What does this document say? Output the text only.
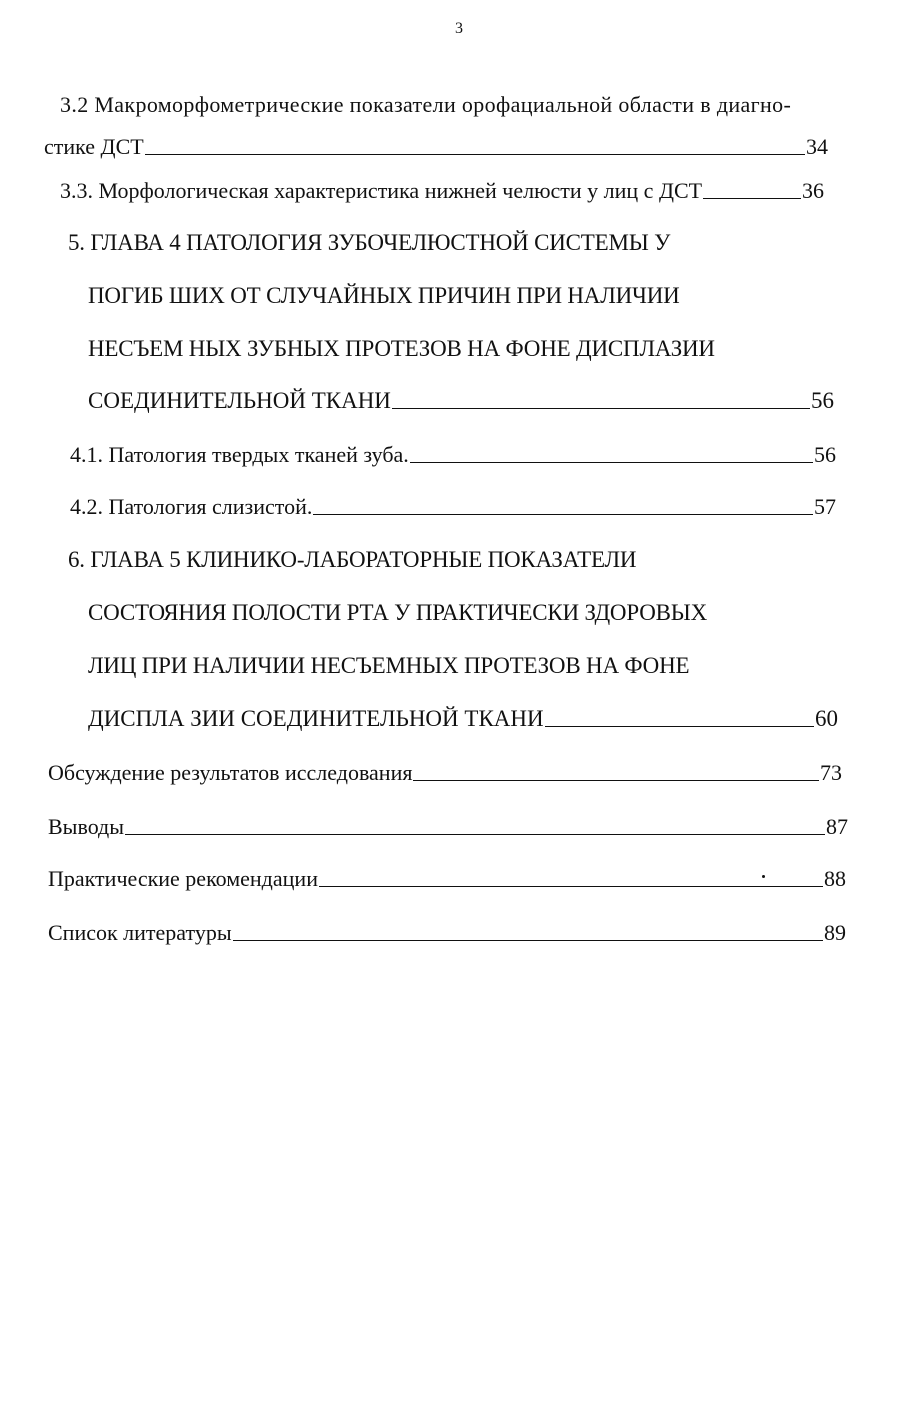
3
3.2 Макроморфометрические показатели орофациальной области в диагно-
стике ДСТ	34
3.3. Морфологическая характеристика нижней челюсти у лиц с ДСТ	36
5. ГЛАВА 4 ПАТОЛОГИЯ ЗУБОЧЕЛЮСТНОЙ СИСТЕМЫ У
ПОГИБ ШИХ ОТ СЛУЧАЙНЫХ ПРИЧИН ПРИ НАЛИЧИИ
НЕСЪЕМ НЫХ ЗУБНЫХ ПРОТЕЗОВ НА ФОНЕ ДИСПЛАЗИИ
СОЕДИНИТЕЛЬНОЙ ТКАНИ	56
4.1. Патология твердых тканей зуба.	56
4.2. Патология слизистой.	57
6. ГЛАВА 5 КЛИНИКО-ЛАБОРАТОРНЫЕ ПОКАЗАТЕЛИ
СОСТОЯНИЯ ПОЛОСТИ РТА У ПРАКТИЧЕСКИ ЗДОРОВЫХ
ЛИЦ ПРИ НАЛИЧИИ НЕСЪЕМНЫХ ПРОТЕЗОВ НА ФОНЕ
ДИСПЛА ЗИИ СОЕДИНИТЕЛЬНОЙ ТКАНИ	60
Обсуждение результатов исследования	73
Выводы	87
Практические рекомендации	88
Список литературы	89
